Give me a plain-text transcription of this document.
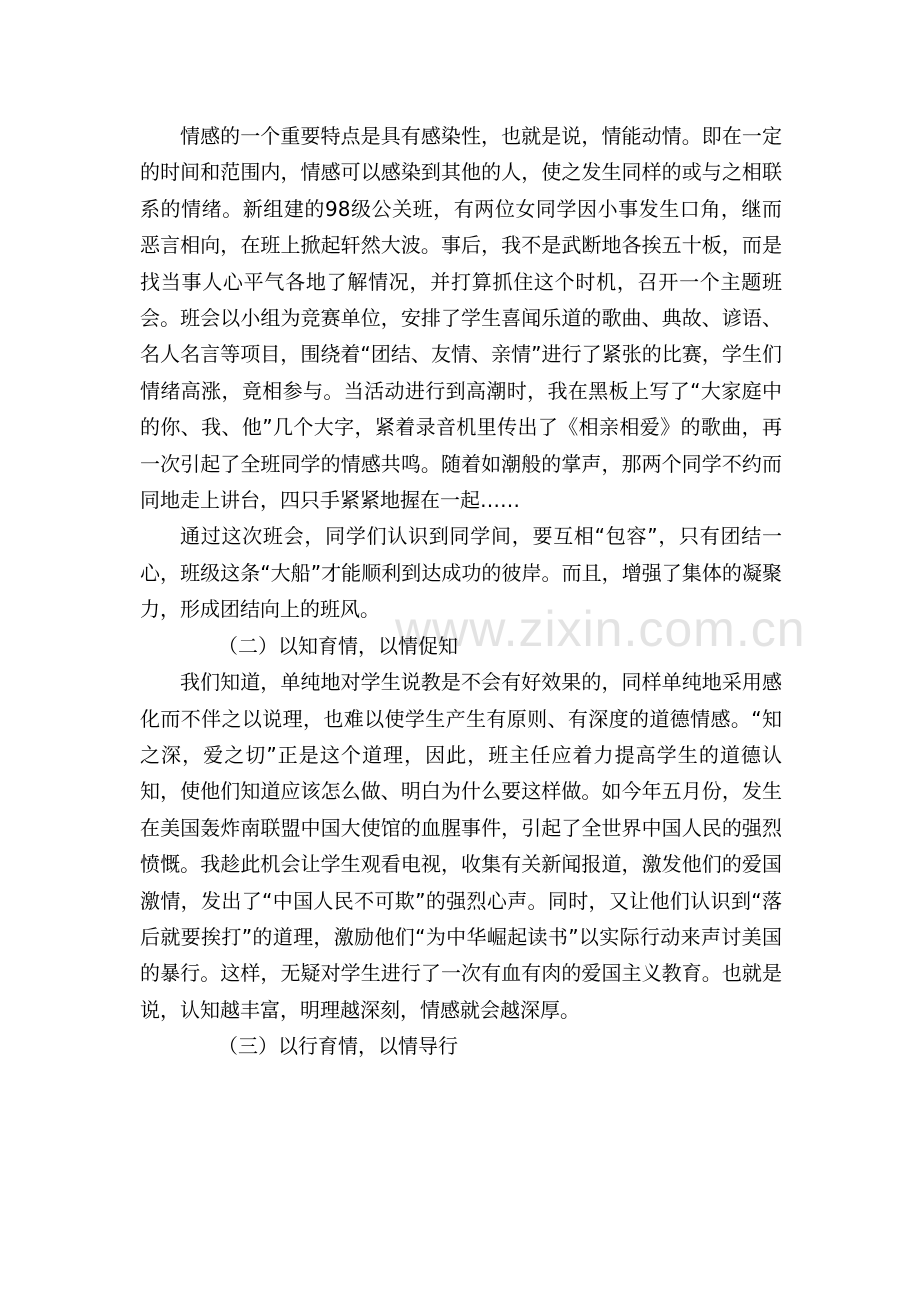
www.zixin.com.cn

情感的一个重要特点是具有感染性，也就是说，情能动情。即在一定的时间和范围内，情感可以感染到其他的人，使之发生同样的或与之相联系的情绪。新组建的98级公关班，有两位女同学因小事发生口角，继而恶言相向，在班上掀起轩然大波。事后，我不是武断地各挨五十板，而是找当事人心平气各地了解情况，并打算抓住这个时机，召开一个主题班会。班会以小组为竞赛单位，安排了学生喜闻乐道的歌曲、典故、谚语、名人名言等项目，围绕着“团结、友情、亲情”进行了紧张的比赛，学生们情绪高涨，竟相参与。当活动进行到高潮时，我在黑板上写了“大家庭中的你、我、他”几个大字，紧着录音机里传出了《相亲相爱》的歌曲，再一次引起了全班同学的情感共鸣。随着如潮般的掌声，那两个同学不约而同地走上讲台，四只手紧紧地握在一起……

通过这次班会，同学们认识到同学间，要互相“包容”，只有团结一心，班级这条“大船”才能顺利到达成功的彼岸。而且，增强了集体的凝聚力，形成团结向上的班风。

（二）以知育情，以情促知

我们知道，单纯地对学生说教是不会有好效果的，同样单纯地采用感化而不伴之以说理，也难以使学生产生有原则、有深度的道德情感。“知之深，爱之切”正是这个道理，因此，班主任应着力提高学生的道德认知，使他们知道应该怎么做、明白为什么要这样做。如今年五月份，发生在美国轰炸南联盟中国大使馆的血腥事件，引起了全世界中国人民的强烈愤慨。我趁此机会让学生观看电视，收集有关新闻报道，激发他们的爱国激情，发出了“中国人民不可欺”的强烈心声。同时，又让他们认识到“落后就要挨打”的道理，激励他们“为中华崛起读书”以实际行动来声讨美国的暴行。这样，无疑对学生进行了一次有血有肉的爱国主义教育。也就是说，认知越丰富，明理越深刻，情感就会越深厚。

（三）以行育情，以情导行
